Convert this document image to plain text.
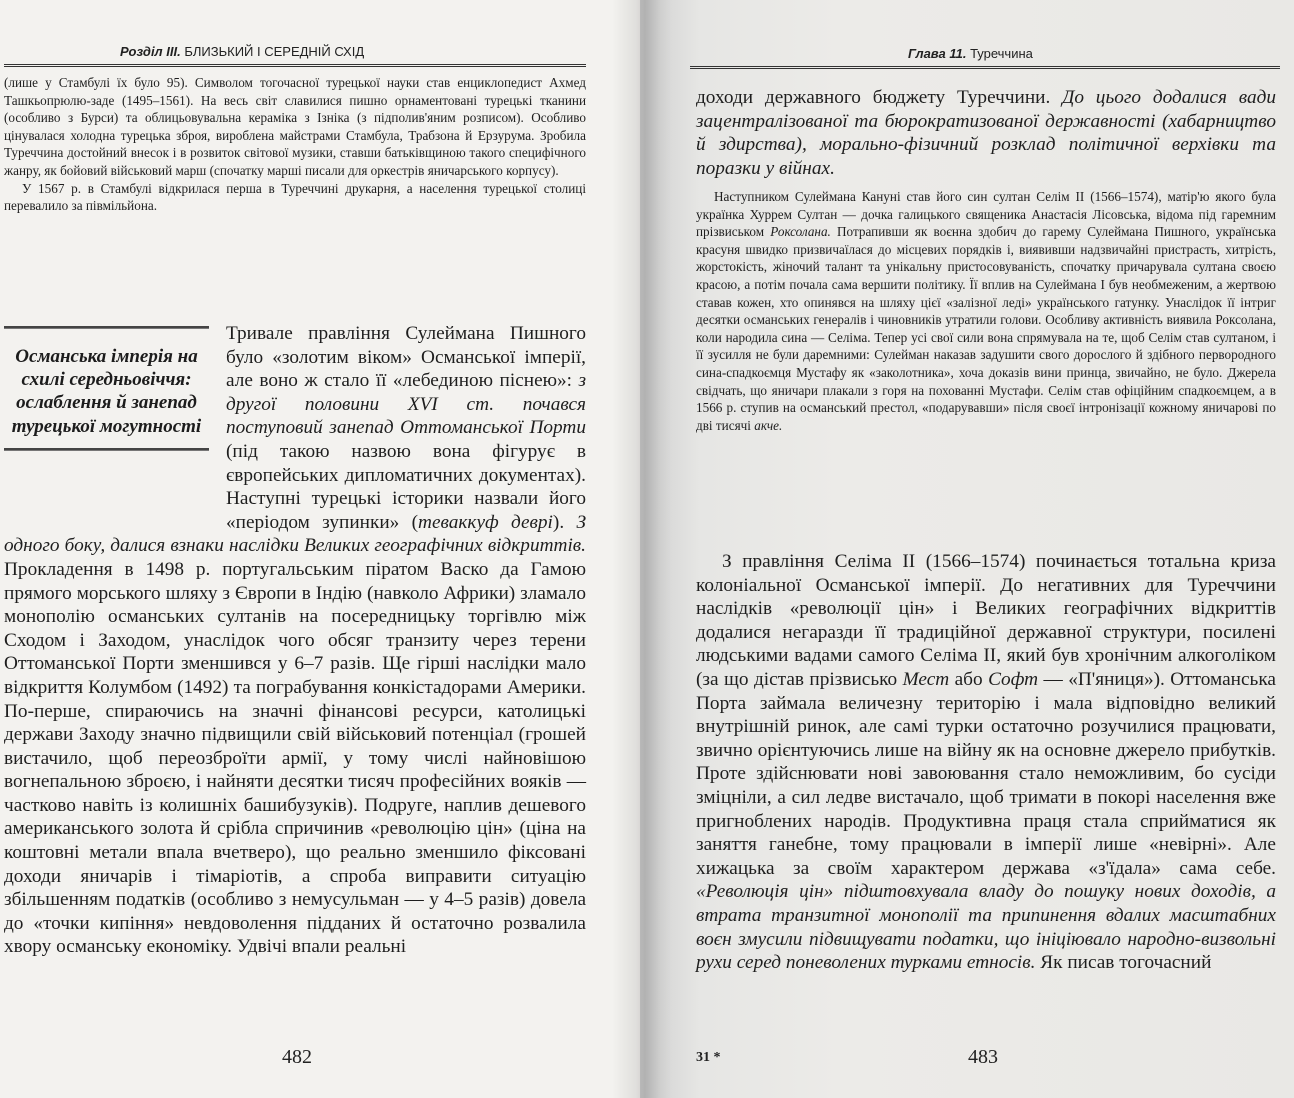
Розділ III. БЛИЗЬКИЙ І СЕРЕДНІЙ СХІД

(лише у Стамбулі їх було 95). Символом тогочасної турецької науки став енциклопедист Ахмед Ташкьопрюлю-заде (1495–1561). На весь світ славилися пишно орнаментовані турецькі тканини (особливо з Бурси) та облицьовувальна кераміка з Ізніка (з підполив'яним розписом). Особливо цінувалася холодна турецька зброя, вироблена майстрами Стамбула, Трабзона й Ерзурума. Зробила Туреччина достойний внесок і в розвиток світової музики, ставши батьківщиною такого специфічного жанру, як бойовий військовий марш (спочатку марші писали для оркестрів яничарського корпусу).

У 1567 р. в Стамбулі відкрилася перша в Туреччині друкарня, а населення турецької столиці перевалило за півмільйона.

Османська імперія на схилі середньовіччя: ослаблення й занепад турецької могутності
Тривале правління Сулеймана Пишного було «золотим віком» Османської імперії, але воно ж стало її «лебединою піснею»: з другої половини XVI ст. почався поступовий занепад Оттоманської Порти (під такою назвою вона фігурує в європейських дипломатичних документах). Наступні турецькі історики назвали його «періодом зупинки» (теваккуф деврі). З одного боку, далися взнаки наслідки Великих географічних відкриттів. Прокладення в 1498 р. португальським піратом Васко да Гамою прямого морського шляху з Європи в Індію (навколо Африки) зламало монополію османських султанів на посередницьку торгівлю між Сходом і Заходом, унаслідок чого обсяг транзиту через терени Оттоманської Порти зменшився у 6–7 разів. Ще гірші наслідки мало відкриття Колумбом (1492) та пограбування конкістадорами Америки. По-перше, спираючись на значні фінансові ресурси, католицькі держави Заходу значно підвищили свій військовий потенціал (грошей вистачило, щоб переозброїти армії, у тому числі найновішою вогнепальною зброєю, і найняти десятки тисяч професійних вояків — частково навіть із колишніх башибузуків). Подруге, наплив дешевого американського золота й срібла спричинив «революцію цін» (ціна на коштовні метали впала вчетверо), що реально зменшило фіксовані доходи яничарів і тімаріотів, а спроба виправити ситуацію збільшенням податків (особливо з немусульман — у 4–5 разів) довела до «точки кипіння» невдоволення підданих й остаточно розвалила хвору османську економіку. Удвічі впали реальні
482
Глава 11. Туреччина
доходи державного бюджету Туреччини. До цього додалися вади зацентралізованої та бюрократизованої державності (хабарництво й здирства), морально-фізичний розклад політичної верхівки та поразки у війнах.
Наступником Сулеймана Кануні став його син султан Селім II (1566–1574), матір'ю якого була українка Хуррем Султан — дочка галицького священика Анастасія Лісовська, відома під гаремним прізвиськом Роксолана. Потрапивши як воєнна здобич до гарему Сулеймана Пишного, українська красуня швидко призвичаїлася до місцевих порядків і, виявивши надзвичайні пристрасть, хитрість, жорстокість, жіночий талант та унікальну пристосовуваність, спочатку причарувала султана своєю красою, а потім почала сама вершити політику. Її вплив на Сулеймана І був необмеженим, а жертвою ставав кожен, хто опинявся на шляху цієї «залізної леді» українського гатунку. Унаслідок її інтриг десятки османських генералів і чиновників утратили голови. Особливу активність виявила Роксолана, коли народила сина — Селіма. Тепер усі свої сили вона спрямувала на те, щоб Селім став султаном, і її зусилля не були даремними: Сулейман наказав задушити свого дорослого й здібного первородного сина-спадкоємця Мустафу як «заколотника», хоча доказів вини принца, звичайно, не було. Джерела свідчать, що яничари плакали з горя на похованні Мустафи. Селім став офіційним спадкоємцем, а в 1566 р. ступив на османський престол, «подарувавши» після своєї інтронізації кожному яничарові по дві тисячі акче.
З правління Селіма II (1566–1574) починається тотальна криза колоніальної Османської імперії. До негативних для Туреччини наслідків «революції цін» і Великих географічних відкриттів додалися негаразди її традиційної державної структури, посилені людськими вадами самого Селіма II, який був хронічним алкоголіком (за що дістав прізвисько Мест або Софт — «П'яниця»). Оттоманська Порта займала величезну територію і мала відповідно великий внутрішній ринок, але самі турки остаточно розучилися працювати, звично орієнтуючись лише на війну як на основне джерело прибутків. Проте здійснювати нові завоювання стало неможливим, бо сусіди зміцніли, а сил ледве вистачало, щоб тримати в покорі населення вже пригноблених народів. Продуктивна праця стала сприйматися як заняття ганебне, тому працювали в імперії лише «невірні». Але хижацька за своїм характером держава «з'їдала» сама себе. «Революція цін» підштовхувала владу до пошуку нових доходів, а втрата транзитної монополії та припинення вдалих масштабних воєн змусили підвищувати податки, що ініціювало народно-визвольні рухи серед поневолених турками етносів. Як писав тогочасний
31 *	483
